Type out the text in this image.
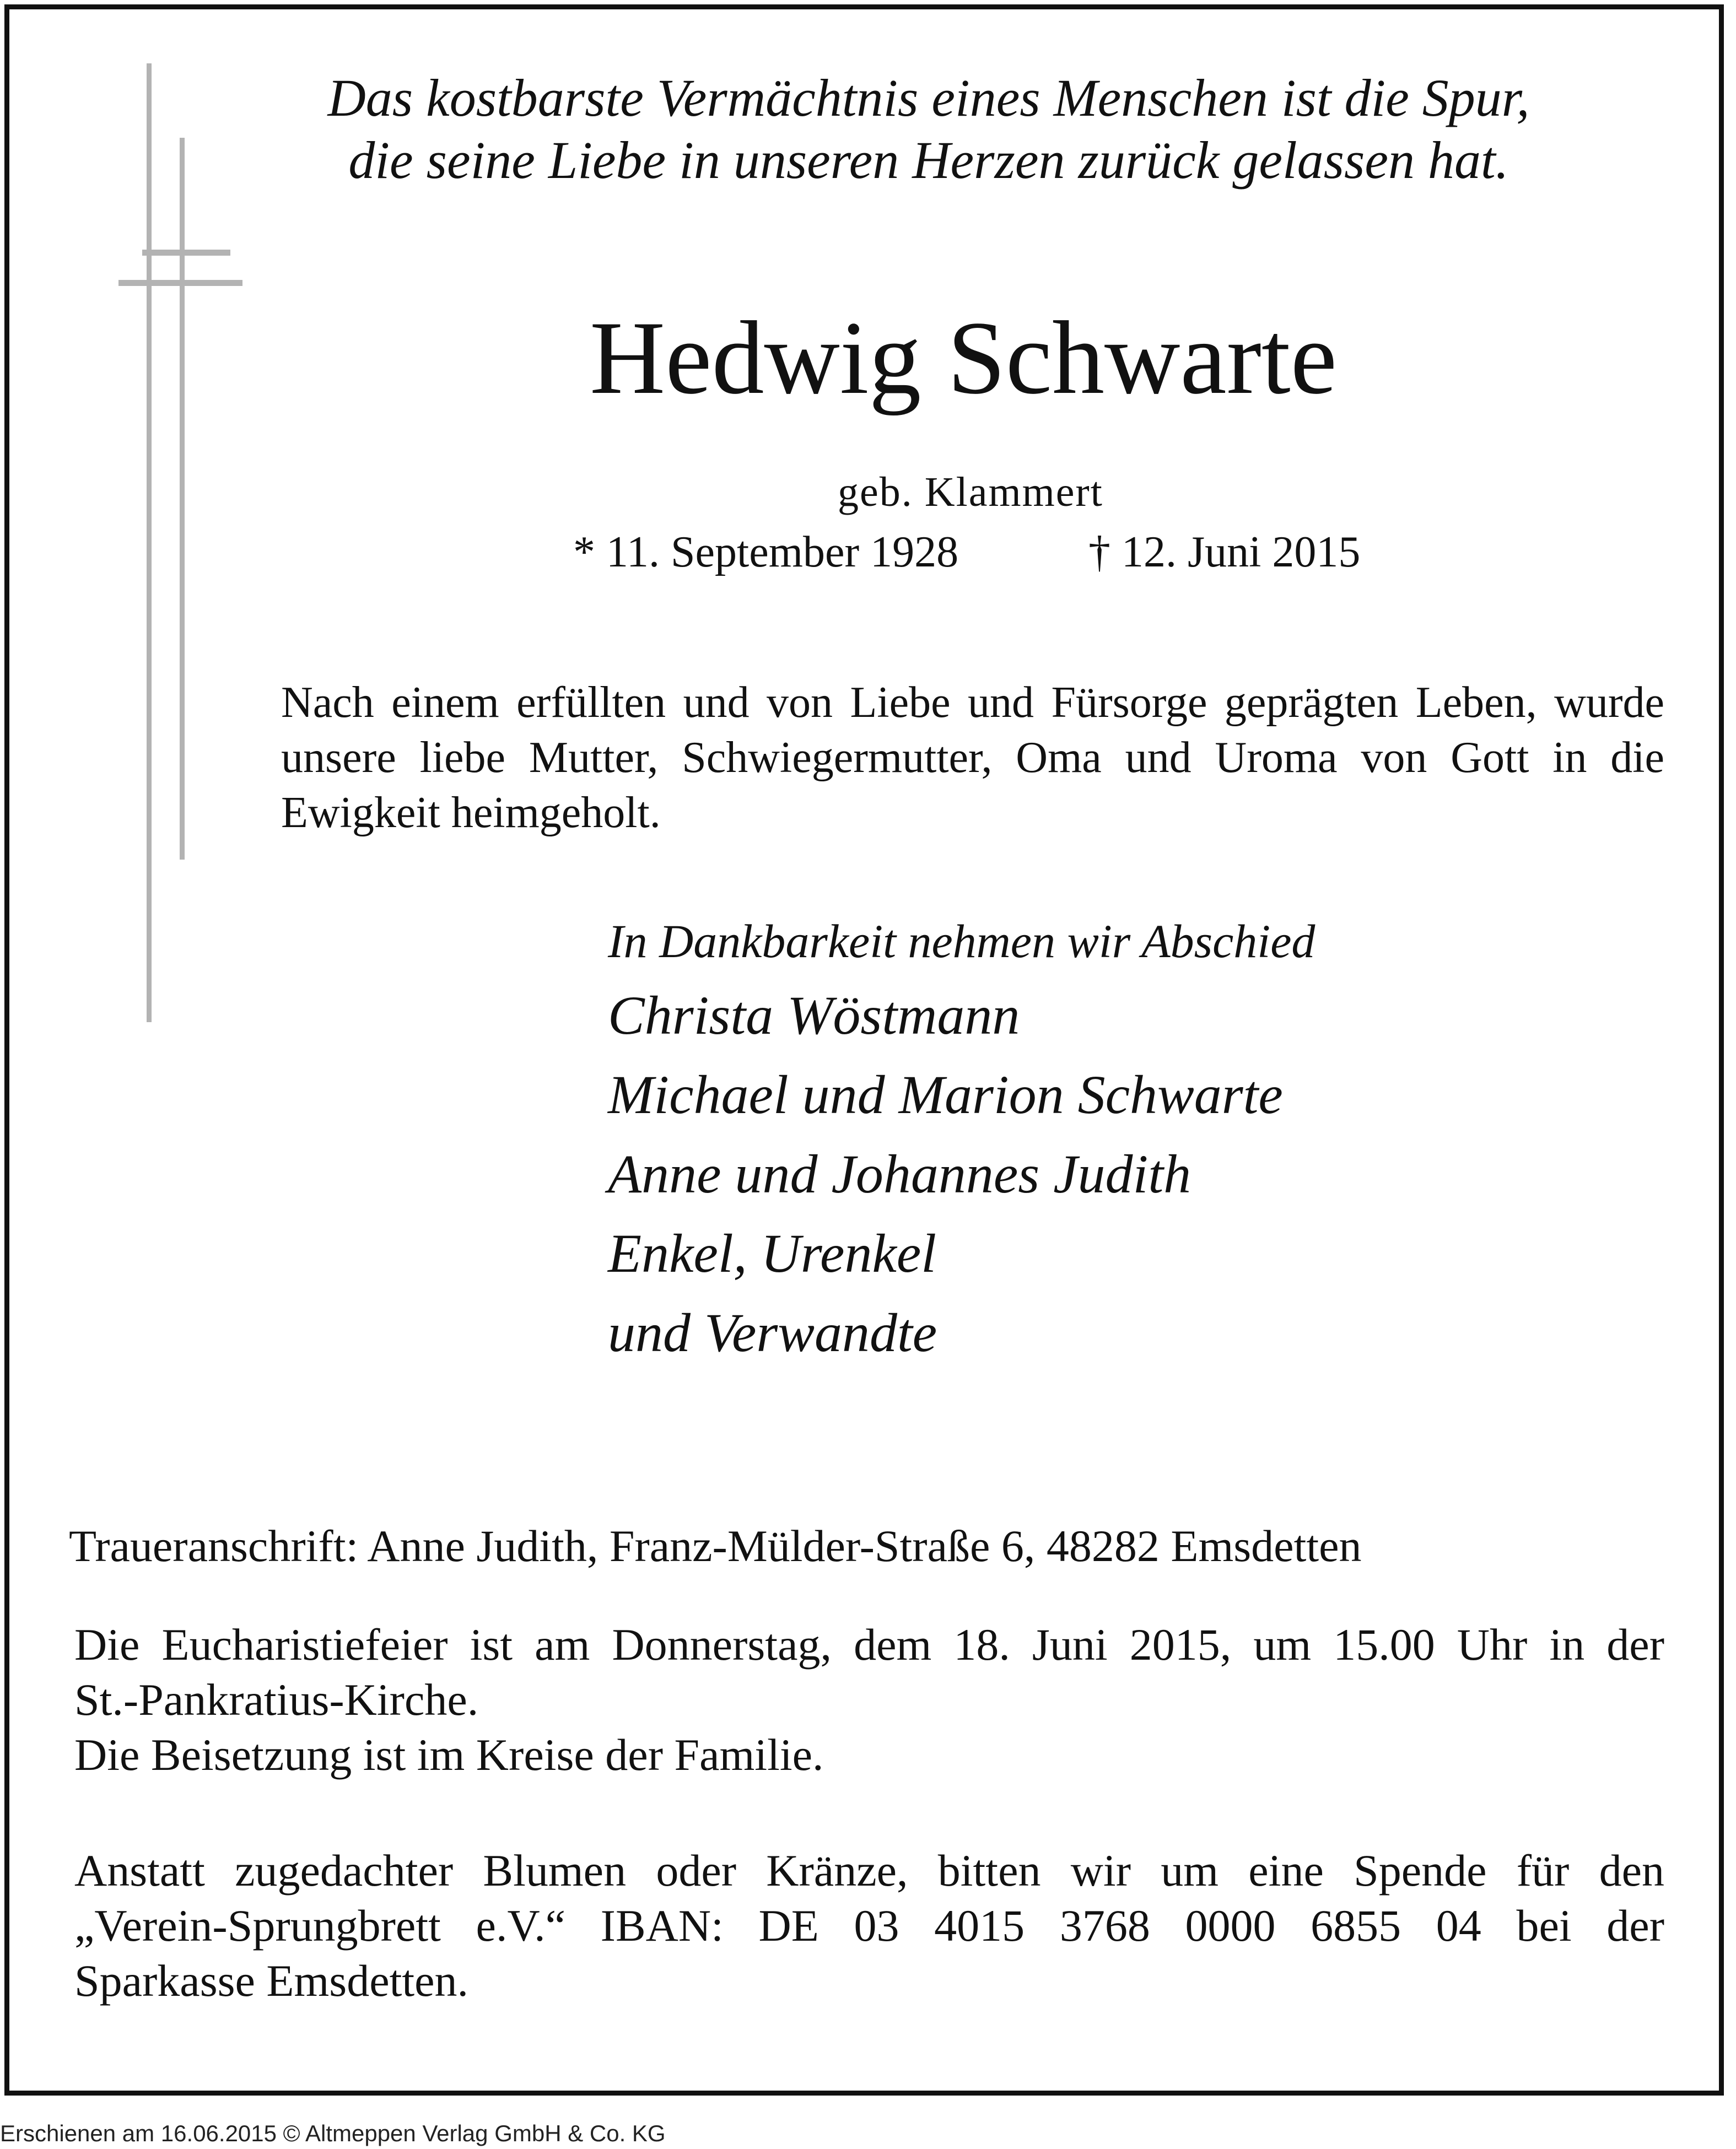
Das kostbarste Vermächtnis eines Menschen ist die Spur,
die seine Liebe in unseren Herzen zurück gelassen hat.
Hedwig Schwarte
geb. Klammert
* 11. September 1928	† 12. Juni 2015
Nach einem erfüllten und von Liebe und Fürsorge geprägten Leben, wurde
unsere liebe Mutter, Schwiegermutter, Oma und Uroma von Gott in die
Ewigkeit heimgeholt.
In Dankbarkeit nehmen wir Abschied
Christa Wöstmann
Michael und Marion Schwarte
Anne und Johannes Judith
Enkel, Urenkel
und Verwandte
Traueranschrift: Anne Judith, Franz-Mülder-Straße 6, 48282 Emsdetten
Die Eucharistiefeier ist am Donnerstag, dem 18. Juni 2015, um 15.00 Uhr in der
St.-Pankratius-Kirche.
Die Beisetzung ist im Kreise der Familie.
Anstatt zugedachter Blumen oder Kränze, bitten wir um eine Spende für den
„Verein-Sprungbrett e.V.“ IBAN: DE 03 4015 3768 0000 6855 04 bei der
Sparkasse Emsdetten.
Erschienen am 16.06.2015 © Altmeppen Verlag GmbH & Co. KG
